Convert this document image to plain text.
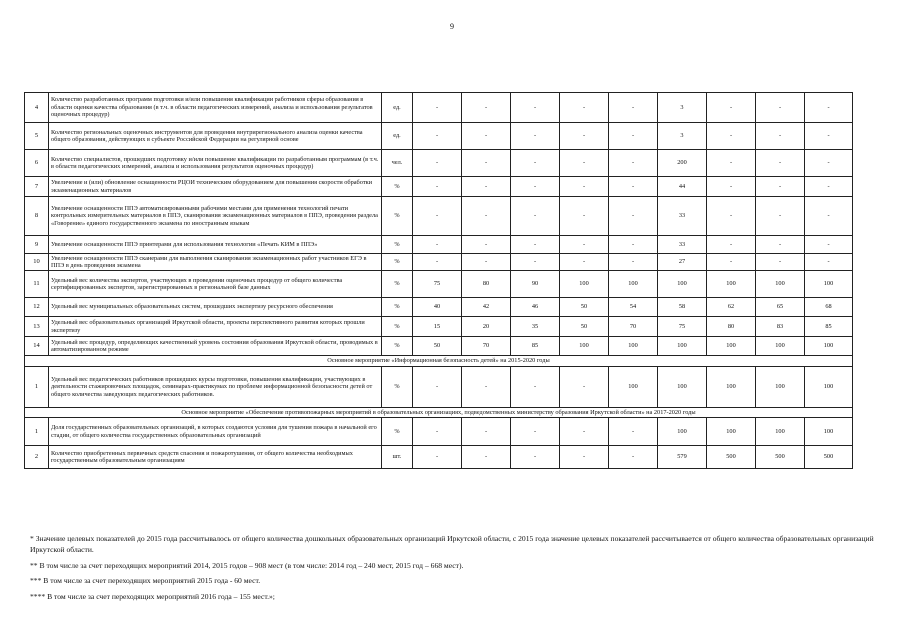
9
4	Количество разработанных программ подготовки и/или повышения квалификации работников сферы образования в области оценки качества образования (в т.ч. в области педагогических измерений, анализа и использования результатов оценочных процедур)	ед.	-	-	-	-	-	3	-	-	-
5	Количество региональных оценочных инструментов для проведения внутрирегионального анализа оценки качества общего образования, действующих в субъекте Российской Федерации на регулярной основе	ед.	-	-	-	-	-	3	-	-	-
6	Количество специалистов, прошедших подготовку и/или повышение квалификации по разработанным программам (в т.ч. в области педагогических измерений, анализа и использования результатов оценочных процедур)	чел.	-	-	-	-	-	200	-	-	-
7	Увеличение и (или) обновление оснащенности РЦОИ техническим оборудованием для повышения скорости обработки экзаменационных материалов	%	-	-	-	-	-	44	-	-	-
8	Увеличение оснащенности ППЭ автоматизированными рабочими местами для применения технологий печати контрольных измерительных материалов в ППЭ, сканирования экзаменационных материалов в ППЭ, проведения раздела «Говорение» единого государственного экзамена по иностранным языкам	%	-	-	-	-	-	33	-	-	-
9	Увеличение оснащенности ППЭ принтерами для использования технологии «Печать КИМ в ППЭ»	%	-	-	-	-	-	33	-	-	-
10	Увеличение оснащенности ППЭ сканерами для выполнения сканирования экзаменационных работ участников ЕГЭ в ППЭ в день проведения экзамена	%	-	-	-	-	-	27	-	-	-
11	Удельный вес количества экспертов, участвующих в проведении оценочных процедур от общего количества сертифицированных экспертов, зарегистрированных в региональной базе данных	%	75	80	90	100	100	100	100	100	100
12	Удельный вес муниципальных образовательных систем, прошедших экспертизу ресурсного обеспечения	%	40	42	46	50	54	58	62	65	68
13	Удельный вес образовательных организаций Иркутской области, проекты перспективного развития которых прошли экспертизу	%	15	20	35	50	70	75	80	83	85
14	Удельный вес процедур, определяющих качественный уровень состояния образования Иркутской области, проводимых в автоматизированном режиме	%	50	70	85	100	100	100	100	100	100
Основное мероприятие «Информационная безопасность детей» на 2015-2020 годы											
1	Удельный вес педагогических работников прошедших курсы подготовки, повышения квалификации, участвующих в деятельности стажировочных площадок, семинарах-практикумах по проблеме информационной безопасности детей от общего количества заведующих педагогических работников.	%	-	-	-	-	100	100	100	100	100
Основное мероприятие «Обеспечение противопожарных мероприятий в образовательных организациях, подведомственных министерству образования Иркутской области» на 2017-2020 годы											
1	Доля государственных образовательных организаций, в которых создаются условия для тушения пожара в начальной его стадии, от общего количества государственных образовательных организаций	%	-	-	-	-	-	100	100	100	100
2	Количество приобретенных первичных средств спасения и пожаротушения, от общего количества необходимых государственным образовательным организациям	шт.	-	-	-	-	-	579	500	500	500

* Значение целевых показателей до 2015 года рассчитывалось от общего количества дошкольных образовательных организаций Иркутской области, с 2015 года значение целевых показателей рассчитывается от общего количества образовательных организаций Иркутской области.

** В том числе за счет переходящих мероприятий 2014, 2015 годов – 908 мест (в том числе: 2014 год – 240 мест, 2015 год – 668 мест).

*** В том числе за счет переходящих мероприятий 2015 года - 60 мест.

**** В том числе за счет переходящих мероприятий 2016 года – 155 мест.»;
